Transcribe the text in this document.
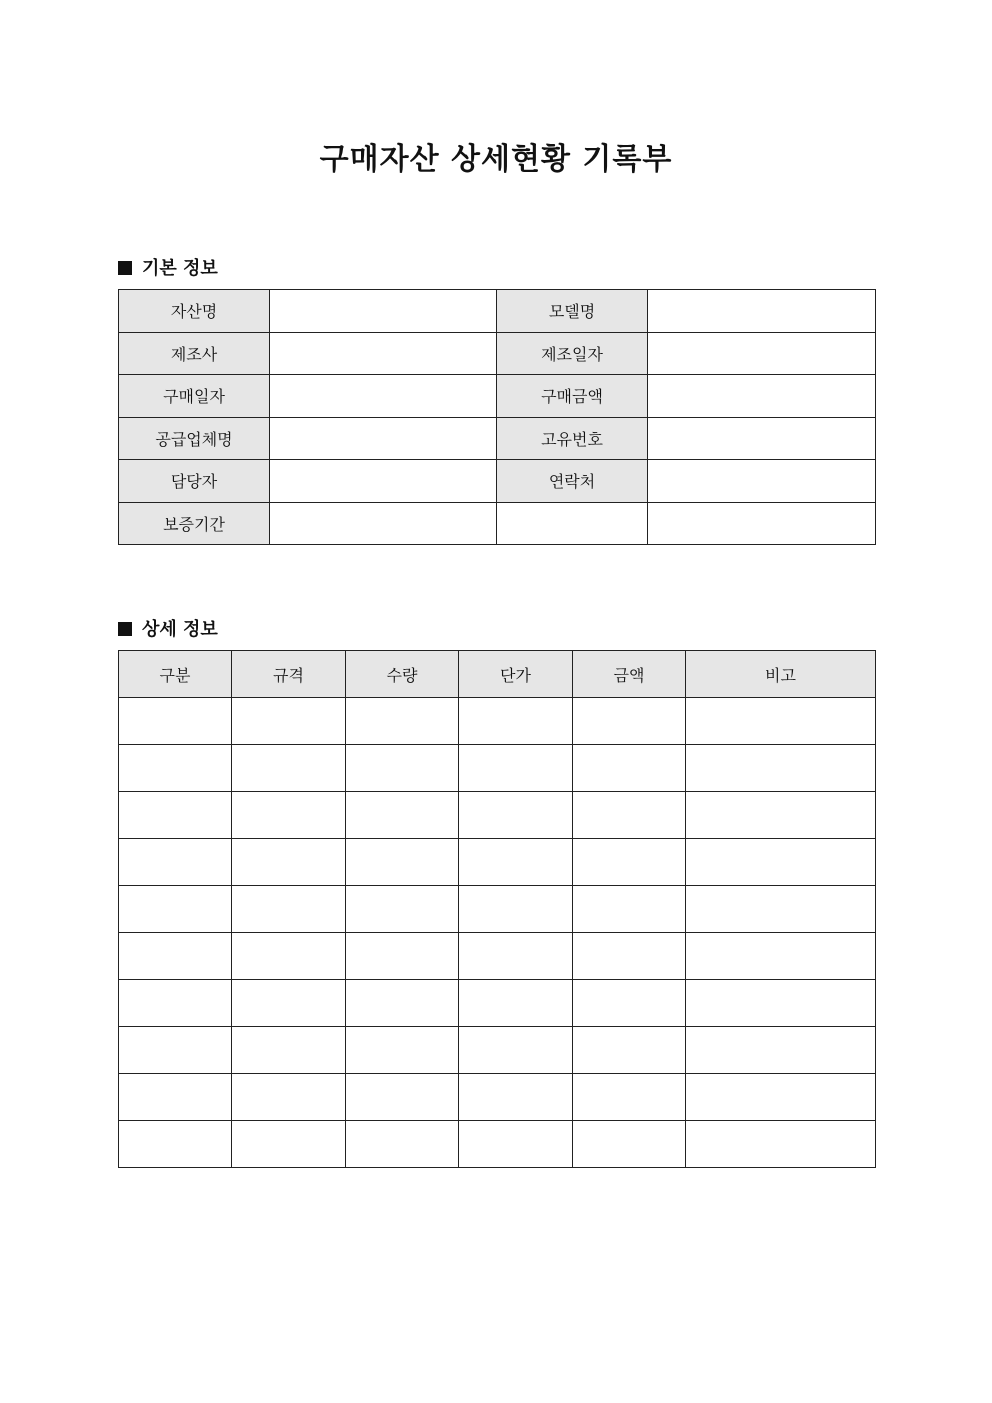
구매자산 상세현황 기록부
기본 정보
자산명		모델명	
제조사		제조일자	
구매일자		구매금액	
공급업체명		고유번호	
담당자		연락처	
보증기간			
상세 정보
구분	규격	수량	단가	금액	비고
